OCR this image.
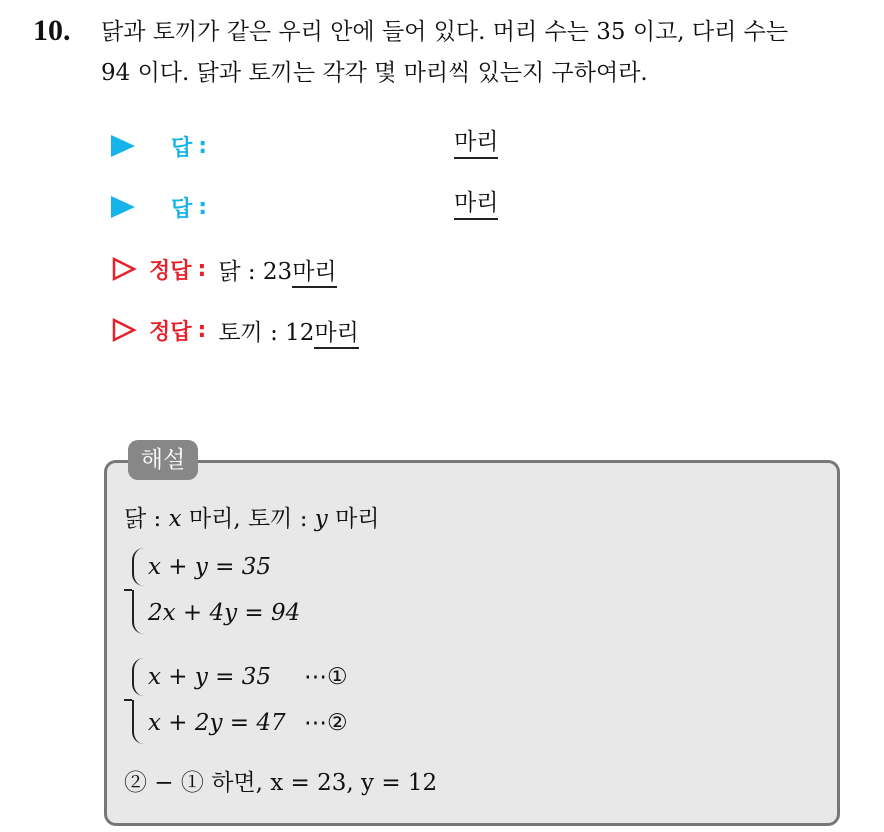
10. 닭과 토끼가 같은 우리 안에 들어 있다. 머리 수는 35 이고, 다리 수는
94 이다. 닭과 토끼는 각각 몇 마리씩 있는지 구하여라.
답 :	마리
답 :	마리
정답 : 닭 : 23마리
정답 : 토끼 : 12마리
해설
닭 : x 마리, 토끼 : y 마리
x + y = 35
2x + 4y = 94
x + y = 35 ⋯①
x + 2y = 47 ⋯②
② − ① 하면, x = 23, y = 12
